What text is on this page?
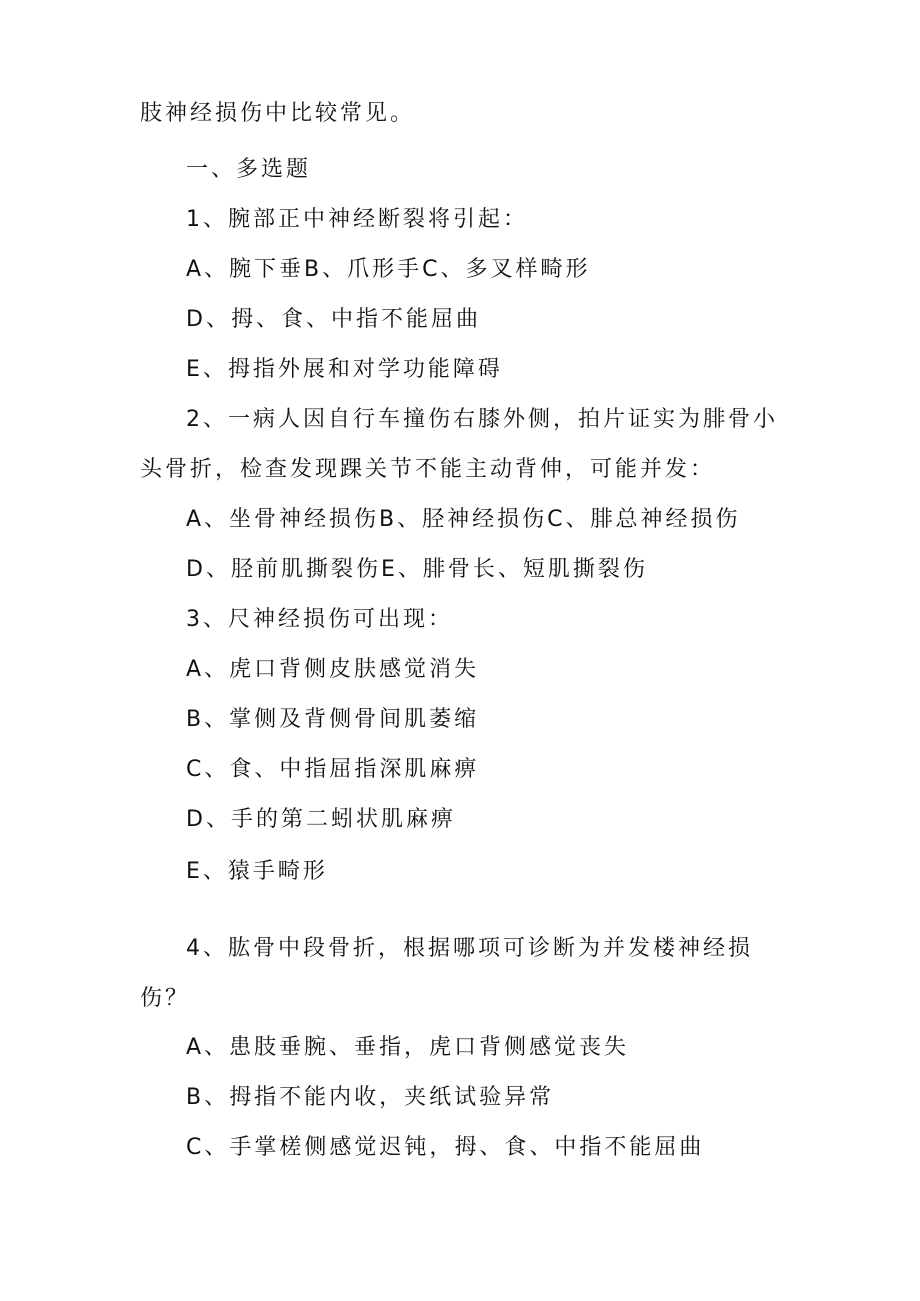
肢神经损伤中比较常见。
一、多选题
1、腕部正中神经断裂将引起：
A、腕下垂B、爪形手C、多叉样畸形
D、拇、食、中指不能屈曲
E、拇指外展和对学功能障碍
2、一病人因自行车撞伤右膝外侧，拍片证实为腓骨小
头骨折，检查发现踝关节不能主动背伸，可能并发：
A、坐骨神经损伤B、胫神经损伤C、腓总神经损伤
D、胫前肌撕裂伤E、腓骨长、短肌撕裂伤
3、尺神经损伤可出现：
A、虎口背侧皮肤感觉消失
B、掌侧及背侧骨间肌萎缩
C、食、中指屈指深肌麻痹
D、手的第二蚓状肌麻痹
E、猿手畸形
4、肱骨中段骨折，根据哪项可诊断为并发楼神经损
伤？
A、患肢垂腕、垂指，虎口背侧感觉丧失
B、拇指不能内收，夹纸试验异常
C、手掌槎侧感觉迟钝，拇、食、中指不能屈曲
